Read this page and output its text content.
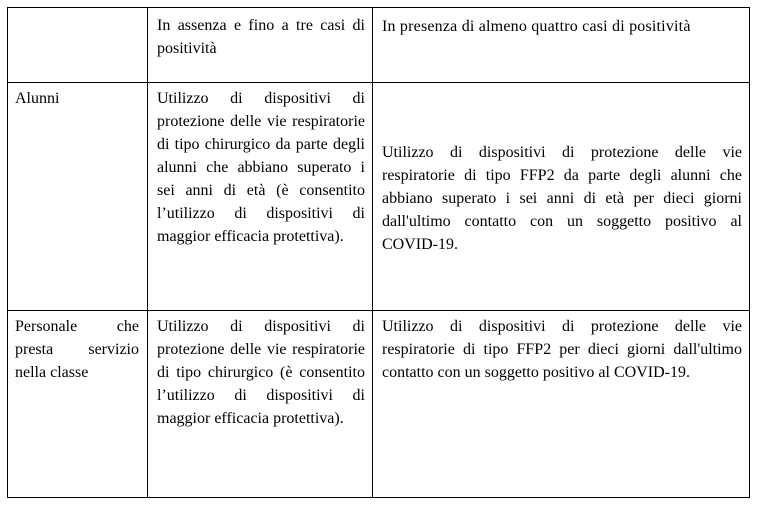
In assenza e fino a tre casi di positività
In presenza di almeno quattro casi di positività
Alunni	Utilizzo di dispositivi di protezione delle vie respiratorie di tipo chirurgico da parte degli alunni che abbiano superato i sei anni di età (è consentito l’utilizzo di dispositivi di maggior efficacia protettiva).
Utilizzo di dispositivi di protezione delle vie respiratorie di tipo FFP2 da parte degli alunni che abbiano superato i sei anni di età per dieci giorni dall'ultimo contatto con un soggetto positivo al COVID-19.
Personale che presta servizio nella classe
Utilizzo di dispositivi di protezione delle vie respiratorie di tipo chirurgico (è consentito l’utilizzo di dispositivi di maggior efficacia protettiva).
Utilizzo di dispositivi di protezione delle vie respiratorie di tipo FFP2 per dieci giorni dall'ultimo contatto con un soggetto positivo al COVID-19.
